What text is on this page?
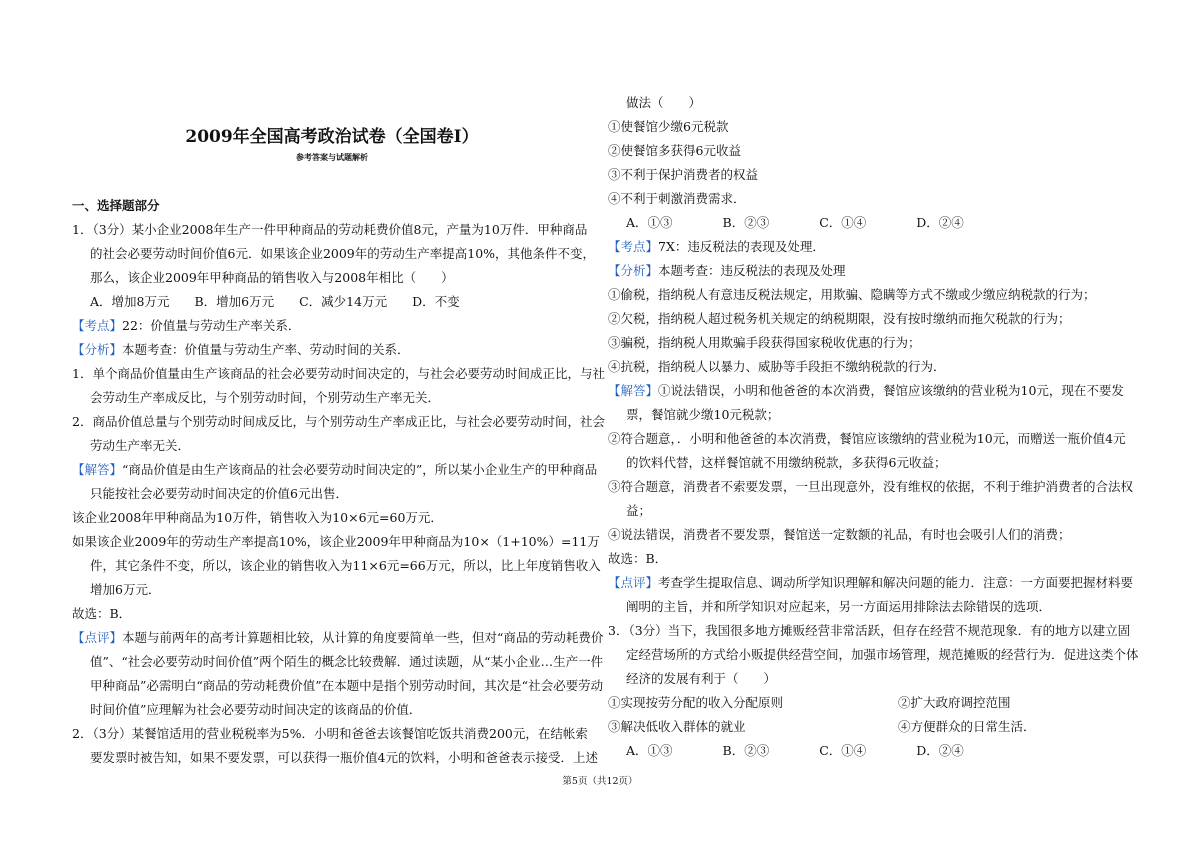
2009年全国高考政治试卷（全国卷I）
参考答案与试题解析
一、选择题部分
1．（3分）某小企业2008年生产一件甲种商品的劳动耗费价值8元，产量为10万件．甲种商品
的社会必要劳动时间价值6元．如果该企业2009年的劳动生产率提高10%，其他条件不变，
那么，该企业2009年甲种商品的销售收入与2008年相比（　　）
A．增加8万元　　B．增加6万元　　C．减少14万元　　D．不变
【考点】22：价值量与劳动生产率关系．
【分析】本题考查：价值量与劳动生产率、劳动时间的关系．
1．单个商品价值量由生产该商品的社会必要劳动时间决定的，与社会必要劳动时间成正比，与社
会劳动生产率成反比，与个别劳动时间，个别劳动生产率无关．
2．商品价值总量与个别劳动时间成反比，与个别劳动生产率成正比，与社会必要劳动时间，社会
劳动生产率无关．
【解答】“商品价值是由生产该商品的社会必要劳动时间决定的”，所以某小企业生产的甲种商品
只能按社会必要劳动时间决定的价值6元出售．
该企业2008年甲种商品为10万件，销售收入为10×6元=60万元．
如果该企业2009年的劳动生产率提高10%，该企业2009年甲种商品为10×（1+10%）=11万
件，其它条件不变，所以，该企业的销售收入为11×6元=66万元，所以，比上年度销售收入
增加6万元．
故选：B．
【点评】本题与前两年的高考计算题相比较，从计算的角度要简单一些，但对“商品的劳动耗费价
值”、“社会必要劳动时间价值”两个陌生的概念比较费解．通过读题，从“某小企业…生产一件
甲种商品”必需明白“商品的劳动耗费价值”在本题中是指个别劳动时间，其次是“社会必要劳动
时间价值”应理解为社会必要劳动时间决定的该商品的价值．
2．（3分）某餐馆适用的营业税税率为5%．小明和爸爸去该餐馆吃饭共消费200元，在结帐索
要发票时被告知，如果不要发票，可以获得一瓶价值4元的饮料，小明和爸爸表示接受．上述
做法（　　）
①使餐馆少缴6元税款
②使餐馆多获得6元收益
③不利于保护消费者的权益
④不利于刺激消费需求．
A．①③　　　　B．②③　　　　C．①④　　　　D．②④
【考点】7X：违反税法的表现及处理．
【分析】本题考查：违反税法的表现及处理
①偷税，指纳税人有意违反税法规定，用欺骗、隐瞒等方式不缴或少缴应纳税款的行为；
②欠税，指纳税人超过税务机关规定的纳税期限，没有按时缴纳而拖欠税款的行为；
③骗税，指纳税人用欺骗手段获得国家税收优惠的行为；
④抗税，指纳税人以暴力、威胁等手段拒不缴纳税款的行为．
【解答】①说法错误，小明和他爸爸的本次消费，餐馆应该缴纳的营业税为10元，现在不要发
票，餐馆就少缴10元税款；
②符合题意，．小明和他爸爸的本次消费，餐馆应该缴纳的营业税为10元，而赠送一瓶价值4元
的饮料代替，这样餐馆就不用缴纳税款，多获得6元收益；
③符合题意，消费者不索要发票，一旦出现意外，没有维权的依据，不利于维护消费者的合法权
益；
④说法错误，消费者不要发票，餐馆送一定数额的礼品，有时也会吸引人们的消费；
故选：B．
【点评】考查学生提取信息、调动所学知识理解和解决问题的能力．注意：一方面要把握材料要
阐明的主旨，并和所学知识对应起来，另一方面运用排除法去除错误的选项．
3．（3分）当下，我国很多地方摊贩经营非常活跃，但存在经营不规范现象．有的地方以建立固
定经营场所的方式给小贩提供经营空间，加强市场管理，规范摊贩的经营行为．促进这类个体
经济的发展有利于（　　）
①实现按劳分配的收入分配原则	②扩大政府调控范围
③解决低收入群体的就业	④方便群众的日常生活．
A．①③　　　　B．②③　　　　C．①④　　　　D．②④
第5页（共12页）
